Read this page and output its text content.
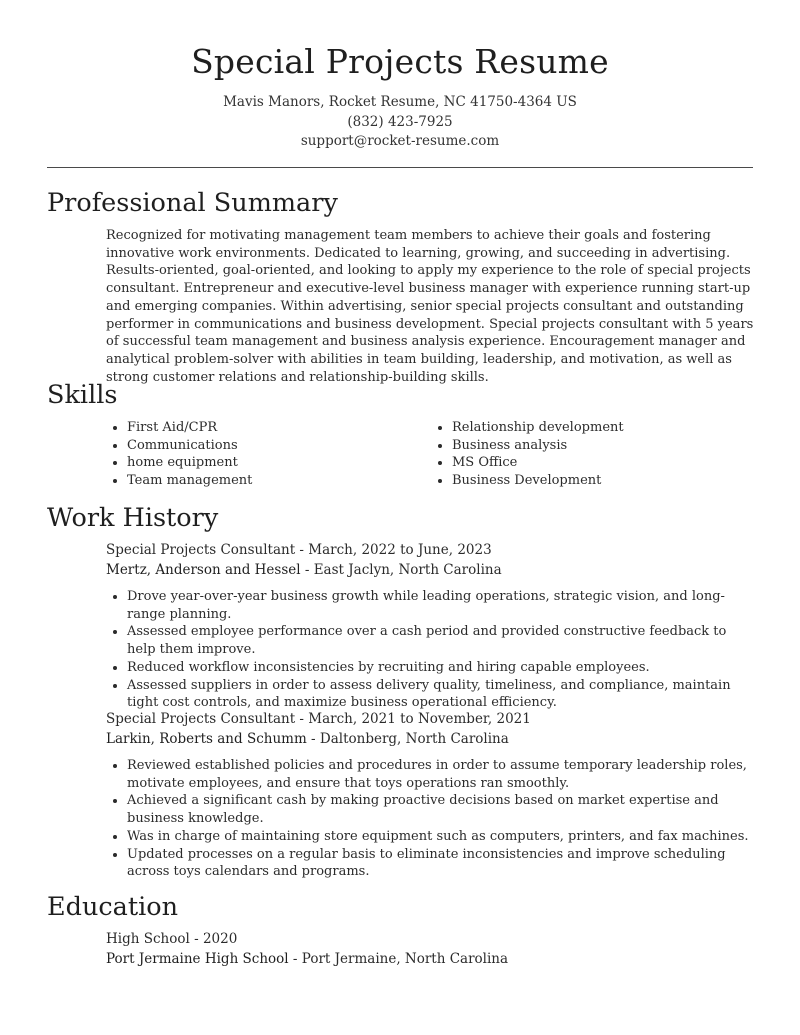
Special Projects Resume
Mavis Manors, Rocket Resume, NC 41750-4364 US
(832) 423-7925
support@rocket-resume.com
Professional Summary
Recognized for motivating management team members to achieve their goals and fostering innovative work environments. Dedicated to learning, growing, and succeeding in advertising. Results-oriented, goal-oriented, and looking to apply my experience to the role of special projects consultant. Entrepreneur and executive-level business manager with experience running start-up and emerging companies. Within advertising, senior special projects consultant and outstanding performer in communications and business development. Special projects consultant with 5 years of successful team management and business analysis experience. Encouragement manager and analytical problem-solver with abilities in team building, leadership, and motivation, as well as strong customer relations and relationship-building skills.
Skills
• First Aid/CPR
• Communications
• home equipment
• Team management
• Relationship development
• Business analysis
• MS Office
• Business Development
Work History
Special Projects Consultant - March, 2022 to June, 2023
Mertz, Anderson and Hessel - East Jaclyn, North Carolina
• Drove year-over-year business growth while leading operations, strategic vision, and long-range planning.
• Assessed employee performance over a cash period and provided constructive feedback to help them improve.
• Reduced workflow inconsistencies by recruiting and hiring capable employees.
• Assessed suppliers in order to assess delivery quality, timeliness, and compliance, maintain tight cost controls, and maximize business operational efficiency.
Special Projects Consultant - March, 2021 to November, 2021
Larkin, Roberts and Schumm - Daltonberg, North Carolina
• Reviewed established policies and procedures in order to assume temporary leadership roles, motivate employees, and ensure that toys operations ran smoothly.
• Achieved a significant cash by making proactive decisions based on market expertise and business knowledge.
• Was in charge of maintaining store equipment such as computers, printers, and fax machines.
• Updated processes on a regular basis to eliminate inconsistencies and improve scheduling across toys calendars and programs.
Education
High School - 2020
Port Jermaine High School - Port Jermaine, North Carolina
